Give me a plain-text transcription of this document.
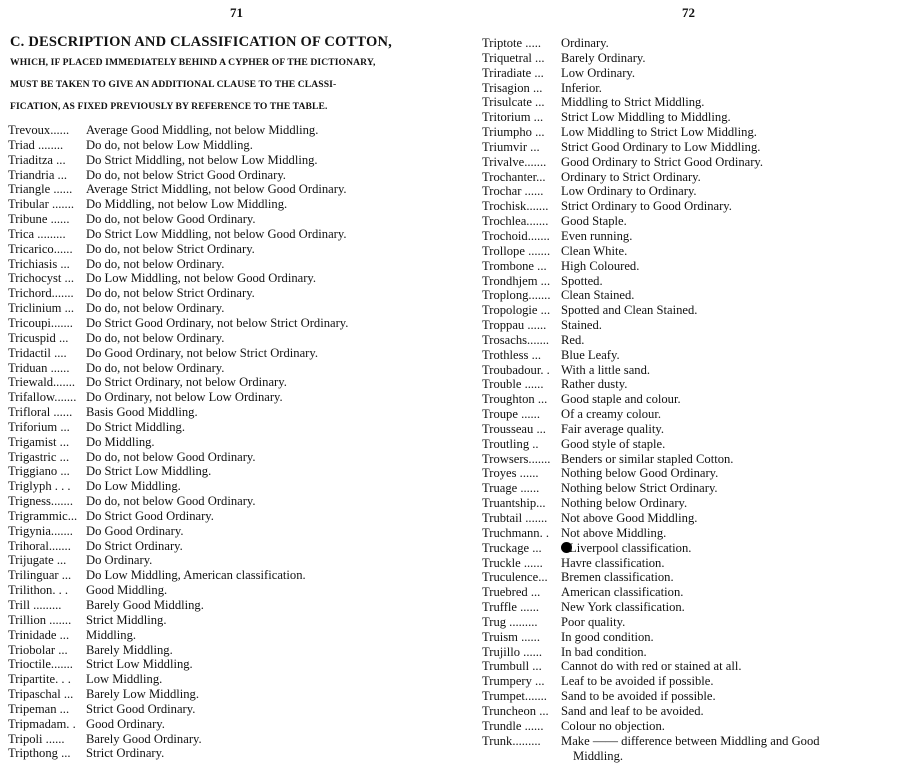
71
C. DESCRIPTION AND CLASSIFICATION OF COTTON,
WHICH, IF PLACED IMMEDIATELY BEHIND A CYPHER OF THE DICTIONARY,
MUST BE TAKEN TO GIVE AN ADDITIONAL CLAUSE TO THE CLASSI-
FICATION, AS FIXED PREVIOUSLY BY REFERENCE TO THE TABLE.
Trevoux...... Average Good Middling, not below Middling.
Triad ........ Do do, not below Low Middling.
Triaditza ... Do Strict Middling, not below Low Middling.
Triandria ... Do do, not below Strict Good Ordinary.
Triangle ...... Average Strict Middling, not below Good Ordinary.
Tribular ....... Do Middling, not below Low Middling.
Tribune ...... Do do, not below Good Ordinary.
Trica ......... Do Strict Low Middling, not below Good Ordinary.
Tricarico...... Do do, not below Strict Ordinary.
Trichiasis ... Do do, not below Ordinary.
Trichocyst ... Do Low Middling, not below Good Ordinary.
Trichord....... Do do, not below Strict Ordinary.
Triclinium ... Do do, not below Ordinary.
Tricoupi....... Do Strict Good Ordinary, not below Strict Ordinary.
Tricuspid ... Do do, not below Ordinary.
Tridactil .... Do Good Ordinary, not below Strict Ordinary.
Triduan ...... Do do, not below Ordinary.
Triewald....... Do Strict Ordinary, not below Ordinary.
Trifallow....... Do Ordinary, not below Low Ordinary.
Trifloral ...... Basis Good Middling.
Triforium ... Do Strict Middling.
Trigamist ... Do Middling.
Trigastric ... Do do, not below Good Ordinary.
Triggiano ... Do Strict Low Middling.
Triglyph . . . Do Low Middling.
Trigness....... Do do, not below Good Ordinary.
Trigrammic... Do Strict Good Ordinary.
Trigynia....... Do Good Ordinary.
Trihoral....... Do Strict Ordinary.
Trijugate ... Do Ordinary.
Trilinguar ... Do Low Middling, American classification.
Trilithon. . . Good Middling.
Trill ......... Barely Good Middling.
Trillion ....... Strict Middling.
Trinidade ... Middling.
Triobolar ... Barely Middling.
Trioctile....... Strict Low Middling.
Tripartite. . . Low Middling.
Tripaschal ... Barely Low Middling.
Tripeman ... Strict Good Ordinary.
Tripmadam. . Good Ordinary.
Tripoli ...... Barely Good Ordinary.
Tripthong ... Strict Ordinary.
72
Triptote ..... Ordinary.
Triquetral ... Barely Ordinary.
Triradiate ... Low Ordinary.
Trisagion ... Inferior.
Trisulcate ... Middling to Strict Middling.
Tritorium ... Strict Low Middling to Middling.
Triumpho ... Low Middling to Strict Low Middling.
Triumvir ... Strict Good Ordinary to Low Middling.
Trivalve....... Good Ordinary to Strict Good Ordinary.
Trochanter... Ordinary to Strict Ordinary.
Trochar ...... Low Ordinary to Ordinary.
Trochisk....... Strict Ordinary to Good Ordinary.
Trochlea....... Good Staple.
Trochoid....... Even running.
Trollope ....... Clean White.
Trombone ... High Coloured.
Trondhjem ... Spotted.
Troplong....... Clean Stained.
Tropologie ... Spotted and Clean Stained.
Troppau ...... Stained.
Trosachs....... Red.
Trothless ... Blue Leafy.
Troubadour. . With a little sand.
Trouble ...... Rather dusty.
Troughton ... Good staple and colour.
Troupe ...... Of a creamy colour.
Trousseau ... Fair average quality.
Troutling .. Good style of staple.
Trowsers....... Benders or similar stapled Cotton.
Troyes ...... Nothing below Good Ordinary.
Truage ...... Nothing below Strict Ordinary.
Truantship... Nothing below Ordinary.
Trubtail ....... Not above Good Middling.
Truchmann. . Not above Middling.
Truckage ...	Liverpool classification.
Truckle ...... Havre classification.
Truculence... Bremen classification.
Truebred ... American classification.
Truffle ...... New York classification.
Trug ......... Poor quality.
Truism ...... In good condition.
Trujillo ...... In bad condition.
Trumbull ... Cannot do with red or stained at all.
Trumpery ... Leaf to be avoided if possible.
Trumpet....... Sand to be avoided if possible.
Truncheon ... Sand and leaf to be avoided.
Trundle ...... Colour no objection.
Trunk......... Make —— difference between Middling and Good
Middling.
